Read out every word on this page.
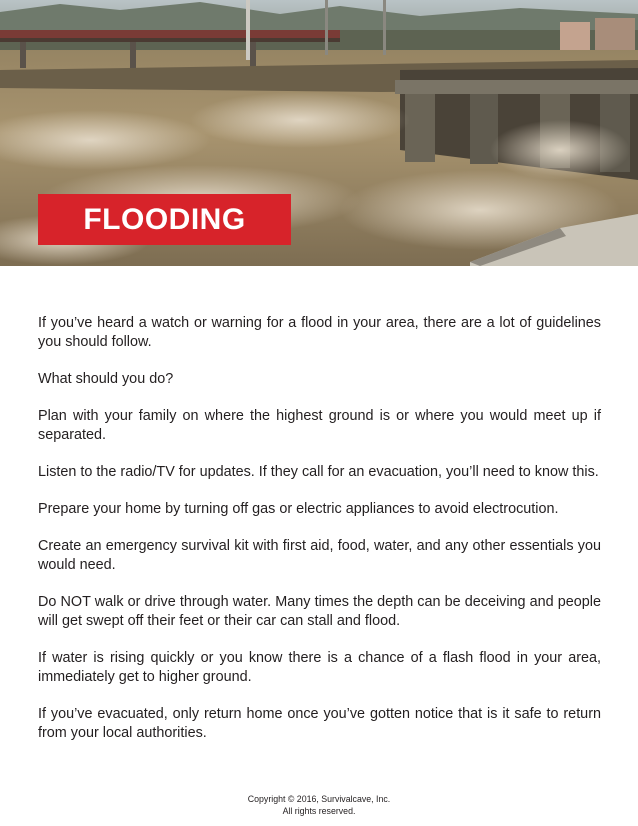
FLOODING

If you’ve heard a watch or warning for a flood in your area, there are a lot of guidelines you should follow.

What should you do?

Plan with your family on where the highest ground is or where you would meet up if separated.

Listen to the radio/TV for updates. If they call for an evacuation, you’ll need to know this.

Prepare your home by turning off gas or electric appliances to avoid electrocution.

Create an emergency survival kit with first aid, food, water, and any other essentials you would need.

Do NOT walk or drive through water. Many times the depth can be deceiving and people will get swept off their feet or their car can stall and flood.

If water is rising quickly or you know there is a chance of a flash flood in your area, immediately get to higher ground.

If you’ve evacuated, only return home once you’ve gotten notice that is it safe to return from your local authorities.

Copyright © 2016, Survivalcave, Inc.
All rights reserved.
